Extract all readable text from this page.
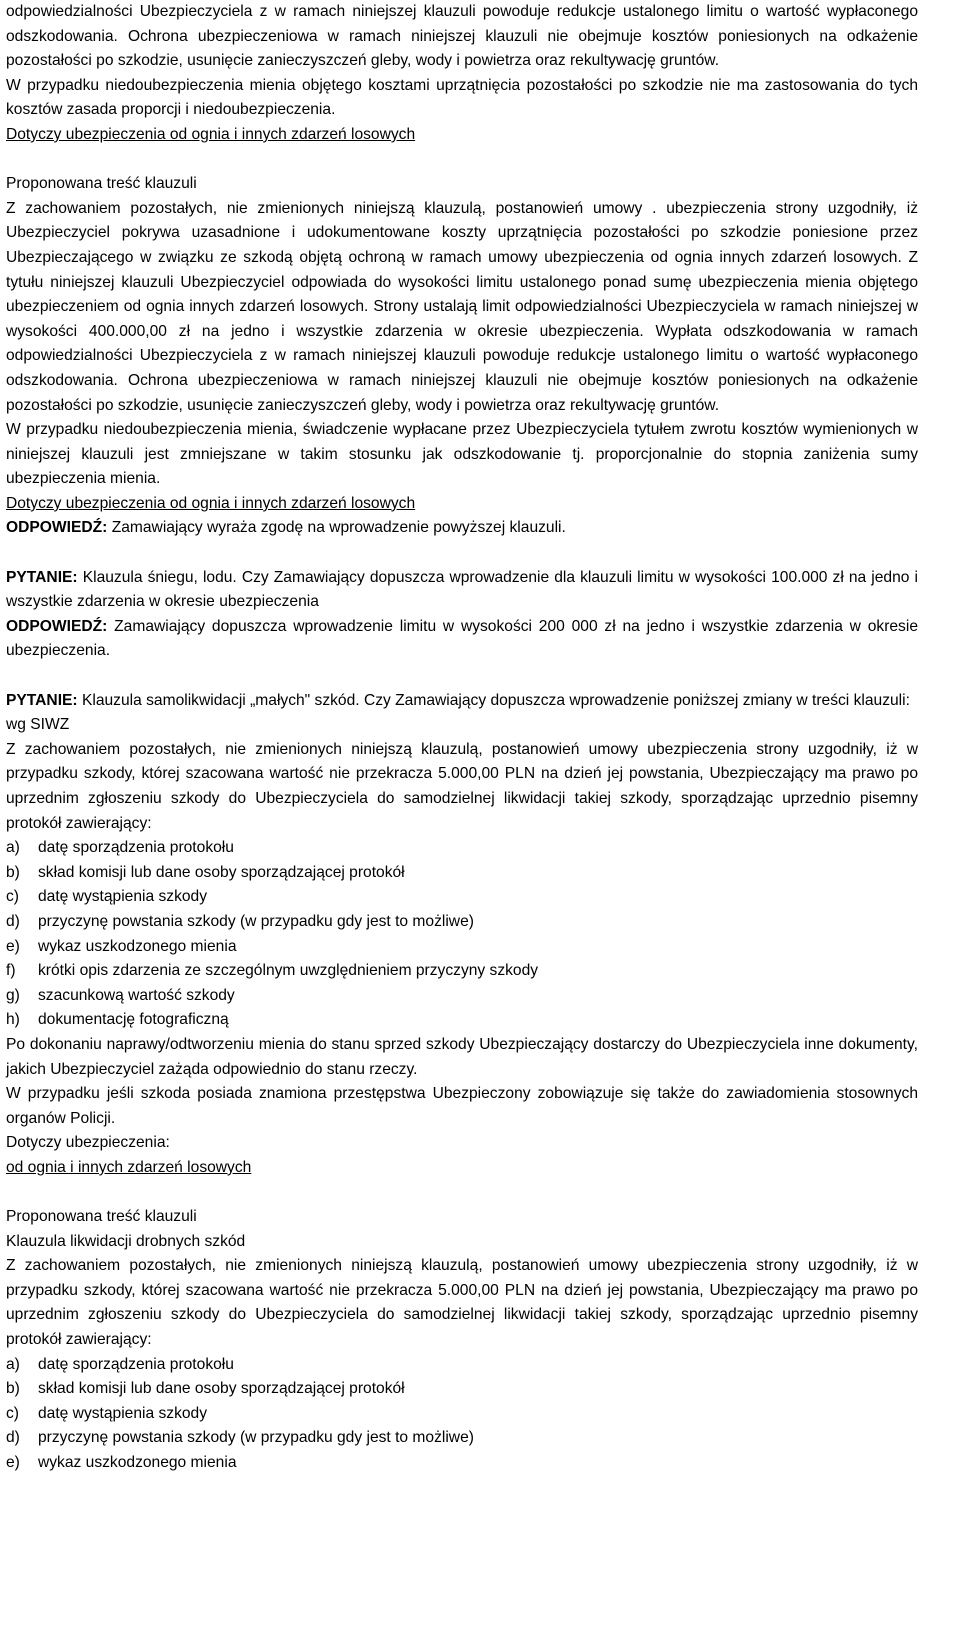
odpowiedzialności Ubezpieczyciela z w ramach niniejszej klauzuli powoduje redukcje ustalonego limitu o wartość wypłaconego odszkodowania. Ochrona ubezpieczeniowa w ramach niniejszej klauzuli nie obejmuje kosztów poniesionych na odkażenie pozostałości po szkodzie, usunięcie zanieczyszczeń gleby, wody i powietrza oraz rekultywację gruntów.

W przypadku niedoubezpieczenia mienia objętego kosztami uprzątnięcia pozostałości po szkodzie nie ma zastosowania do tych kosztów zasada proporcji i niedoubezpieczenia.

Dotyczy ubezpieczenia od ognia i innych zdarzeń losowych

Proponowana treść klauzuli

Z zachowaniem pozostałych, nie zmienionych niniejszą klauzulą, postanowień umowy . ubezpieczenia strony uzgodniły, iż Ubezpieczyciel pokrywa uzasadnione i udokumentowane koszty uprzątnięcia pozostałości po szkodzie poniesione przez Ubezpieczającego w związku ze szkodą objętą ochroną w ramach umowy ubezpieczenia od ognia innych zdarzeń losowych. Z tytułu niniejszej klauzuli Ubezpieczyciel odpowiada do wysokości limitu ustalonego ponad sumę ubezpieczenia mienia objętego ubezpieczeniem od ognia innych zdarzeń losowych. Strony ustalają limit odpowiedzialności Ubezpieczyciela w ramach niniejszej w wysokości 400.000,00 zł na jedno i wszystkie zdarzenia w okresie ubezpieczenia. Wypłata odszkodowania w ramach odpowiedzialności Ubezpieczyciela z w ramach niniejszej klauzuli powoduje redukcje ustalonego limitu o wartość wypłaconego odszkodowania. Ochrona ubezpieczeniowa w ramach niniejszej klauzuli nie obejmuje kosztów poniesionych na odkażenie pozostałości po szkodzie, usunięcie zanieczyszczeń gleby, wody i powietrza oraz rekultywację gruntów.

W przypadku niedoubezpieczenia mienia, świadczenie wypłacane przez Ubezpieczyciela tytułem zwrotu kosztów wymienionych w niniejszej klauzuli jest zmniejszane w takim stosunku jak odszkodowanie tj. proporcjonalnie do stopnia zaniżenia sumy ubezpieczenia mienia.

Dotyczy ubezpieczenia od ognia i innych zdarzeń losowych

ODPOWIEDŹ: Zamawiający wyraża zgodę na wprowadzenie powyższej klauzuli.

PYTANIE: Klauzula śniegu, lodu. Czy Zamawiający dopuszcza wprowadzenie dla klauzuli limitu w wysokości 100.000 zł na jedno i wszystkie zdarzenia w okresie ubezpieczenia

ODPOWIEDŹ: Zamawiający dopuszcza wprowadzenie limitu w wysokości 200 000 zł na jedno i wszystkie zdarzenia w okresie ubezpieczenia.

PYTANIE: Klauzula samolikwidacji „małych" szkód. Czy Zamawiający dopuszcza wprowadzenie poniższej zmiany w treści klauzuli:

wg SIWZ

Z zachowaniem pozostałych, nie zmienionych niniejszą klauzulą, postanowień umowy ubezpieczenia strony uzgodniły, iż w przypadku szkody, której szacowana wartość nie przekracza 5.000,00 PLN na dzień jej powstania, Ubezpieczający ma prawo po uprzednim zgłoszeniu szkody do Ubezpieczyciela do samodzielnej likwidacji takiej szkody, sporządzając uprzednio pisemny protokół zawierający:

a) datę sporządzenia protokołu

b) skład komisji lub dane osoby sporządzającej protokół

c) datę wystąpienia szkody

d) przyczynę powstania szkody (w przypadku gdy jest to możliwe)

e) wykaz uszkodzonego mienia

f) krótki opis zdarzenia ze szczególnym uwzględnieniem przyczyny szkody

g) szacunkową wartość szkody

h) dokumentację fotograficzną

Po dokonaniu naprawy/odtworzeniu mienia do stanu sprzed szkody Ubezpieczający dostarczy do Ubezpieczyciela inne dokumenty, jakich Ubezpieczyciel zażąda odpowiednio do stanu rzeczy.

W przypadku jeśli szkoda posiada znamiona przestępstwa Ubezpieczony zobowiązuje się także do zawiadomienia stosownych organów Policji.

Dotyczy ubezpieczenia:

od ognia i innych zdarzeń losowych

Proponowana treść klauzuli

Klauzula likwidacji drobnych szkód

Z zachowaniem pozostałych, nie zmienionych niniejszą klauzulą, postanowień umowy ubezpieczenia strony uzgodniły, iż w przypadku szkody, której szacowana wartość nie przekracza 5.000,00 PLN na dzień jej powstania, Ubezpieczający ma prawo po uprzednim zgłoszeniu szkody do Ubezpieczyciela do samodzielnej likwidacji takiej szkody, sporządzając uprzednio pisemny protokół zawierający:

a) datę sporządzenia protokołu

b) skład komisji lub dane osoby sporządzającej protokół

c) datę wystąpienia szkody

d) przyczynę powstania szkody (w przypadku gdy jest to możliwe)

e) wykaz uszkodzonego mienia
